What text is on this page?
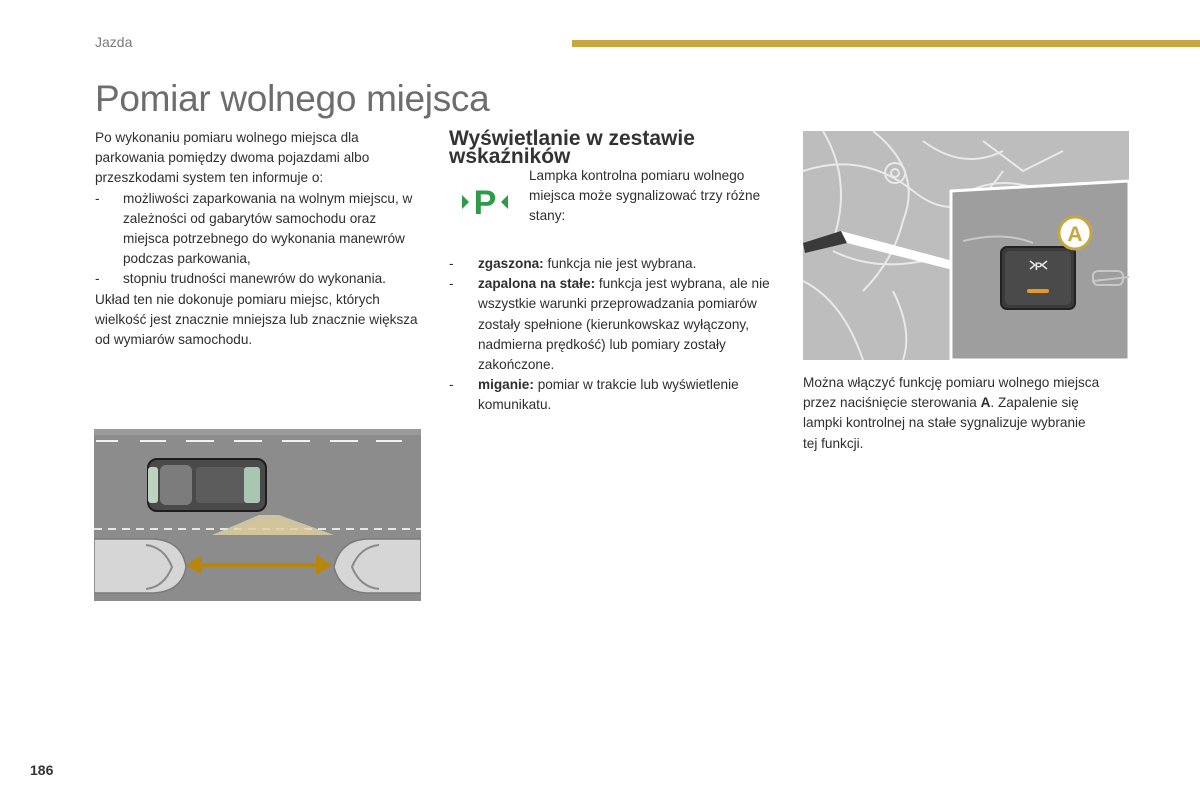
Jazda
Pomiar wolnego miejsca

Po wykonaniu pomiaru wolnego miejsca dla parkowania pomiędzy dwoma pojazdami albo przeszkodami system ten informuje o:

-	możliwości zaparkowania na wolnym miejscu, w zależności od gabarytów samochodu oraz miejsca potrzebnego do wykonania manewrów podczas parkowania,
-	stopniu trudności manewrów do wykonania.

Układ ten nie dokonuje pomiaru miejsc, których wielkość jest znacznie mniejsza lub znacznie większa od wymiarów samochodu.

Wyświetlanie w zestawie wskaźników
P

Lampka kontrolna pomiaru wolnego miejsca może sygnalizować trzy różne stany:

-	zgaszona: funkcja nie jest wybrana.
-	zapalona na stałe: funkcja jest wybrana, ale nie wszystkie warunki przeprowadzania pomiarów zostały spełnione (kierunkowskaz wyłączony, nadmierna prędkość) lub pomiary zostały zakończone.
-	miganie: pomiar w trakcie lub wyświetlenie komunikatu.
P
A

Można włączyć funkcję pomiaru wolnego miejsca przez naciśnięcie sterowania A. Zapalenie się lampki kontrolnej na stałe sygnalizuje wybranie tej funkcji.

186
